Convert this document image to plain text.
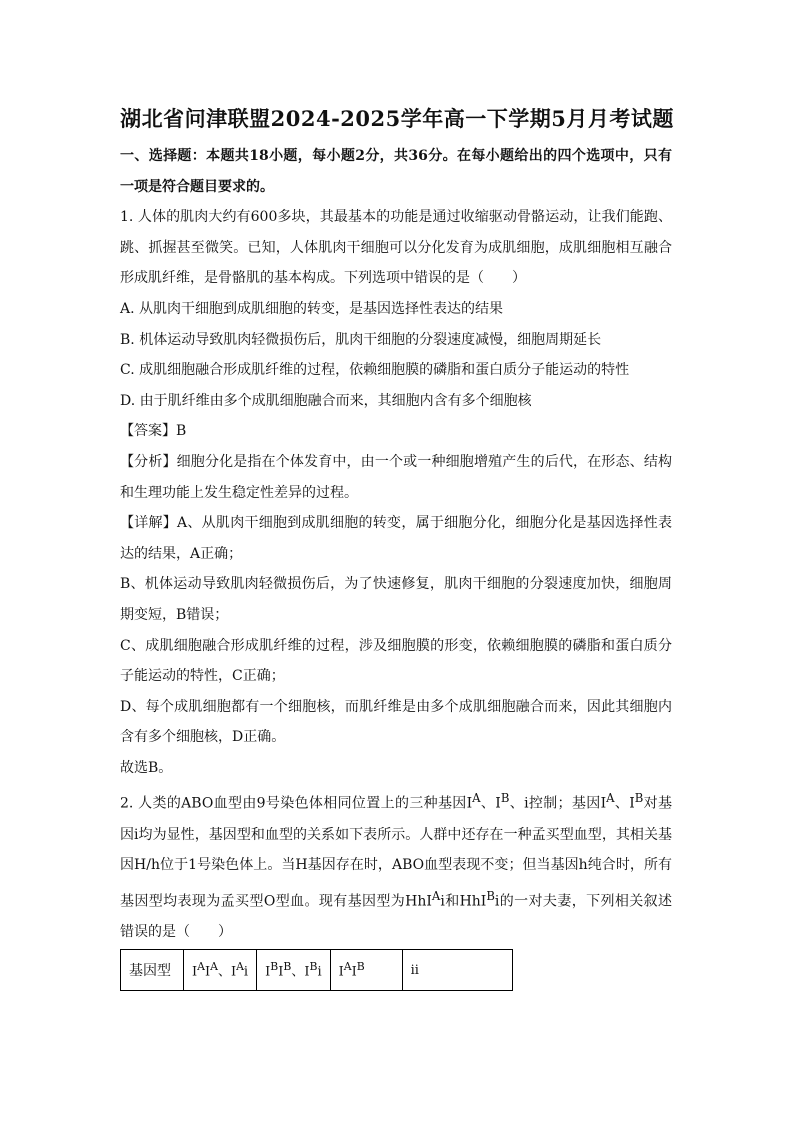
湖北省问津联盟2024-2025学年高一下学期5月月考试题

一、选择题：本题共18小题，每小题2分，共36分。在每小题给出的四个选项中，只有一项是符合题目要求的。

1. 人体的肌肉大约有600多块，其最基本的功能是通过收缩驱动骨骼运动，让我们能跑、跳、抓握甚至微笑。已知，人体肌肉干细胞可以分化发育为成肌细胞，成肌细胞相互融合形成肌纤维，是骨骼肌的基本构成。下列选项中错误的是（　　）

A. 从肌肉干细胞到成肌细胞的转变，是基因选择性表达的结果

B. 机体运动导致肌肉轻微损伤后，肌肉干细胞的分裂速度减慢，细胞周期延长

C. 成肌细胞融合形成肌纤维的过程，依赖细胞膜的磷脂和蛋白质分子能运动的特性

D. 由于肌纤维由多个成肌细胞融合而来，其细胞内含有多个细胞核

【答案】B

【分析】细胞分化是指在个体发育中，由一个或一种细胞增殖产生的后代，在形态、结构和生理功能上发生稳定性差异的过程。

【详解】A、从肌肉干细胞到成肌细胞的转变，属于细胞分化，细胞分化是基因选择性表达的结果，A正确；

B、机体运动导致肌肉轻微损伤后，为了快速修复，肌肉干细胞的分裂速度加快，细胞周期变短，B错误；

C、成肌细胞融合形成肌纤维的过程，涉及细胞膜的形变，依赖细胞膜的磷脂和蛋白质分子能运动的特性，C正确；

D、每个成肌细胞都有一个细胞核，而肌纤维是由多个成肌细胞融合而来，因此其细胞内含有多个细胞核，D正确。

故选B。

2. 人类的ABO血型由9号染色体相同位置上的三种基因$I^A$、$I^B$、i控制；基因$I^A$、$I^B$对基因i均为显性，基因型和血型的关系如下表所示。人群中还存在一种孟买型血型，其相关基因H/h位于1号染色体上。当H基因存在时，ABO血型表现不变；但当基因h纯合时，所有基因型均表现为孟买型O型血。现有基因型为HhI$^A$i和HhI$^B$i的一对夫妻，下列相关叙述错误的是（　　）

基因型	$I^AI^A$、$I^Ai$	$I^BI^B$、$I^Bi$	$I^AI^B$	ii
